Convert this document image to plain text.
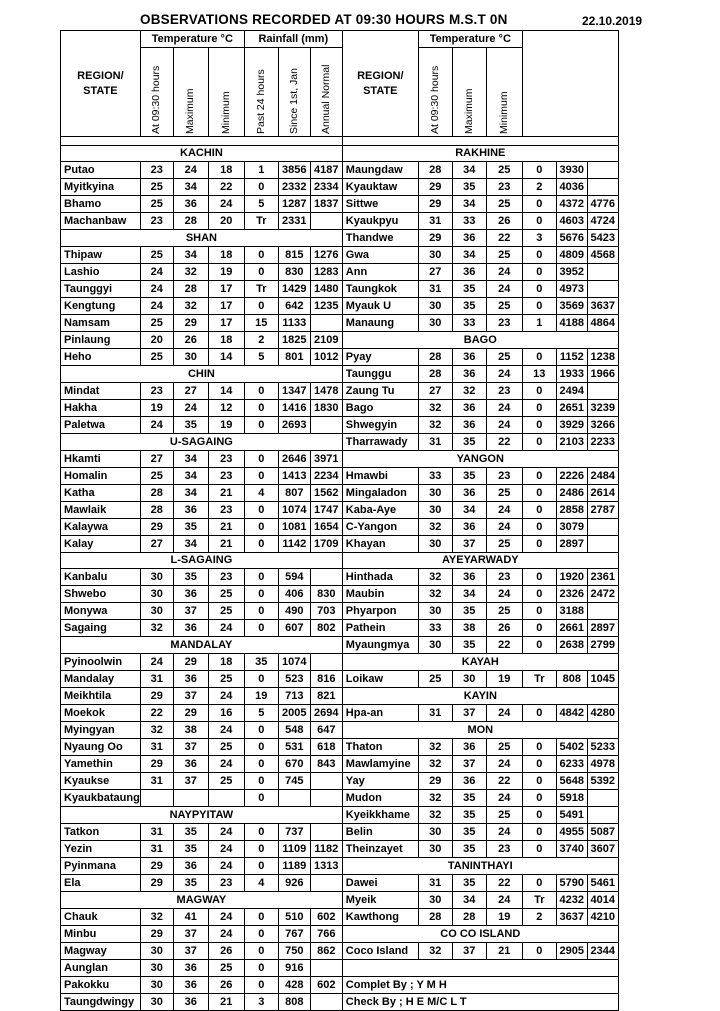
OBSERVATIONS RECORDED AT 09:30 HOURS M.S.T 0N	22.10.2019
REGION/ STATE	Temperature °C			Rainfall (mm)			REGION/ STATE	Temperature °C					

	At 09:30 hours	Maximum	Minimum	Past 24 hours	Since 1st, Jan	Annual Normal		At 09:30 hours	Maximum	Minimum			

KACHIN							RAKHINE						
Putao	23	24	18	1	3856	4187	Maungdaw	28	34	25	0	3930	
Myitkyina	25	34	22	0	2332	2334	Kyauktaw	29	35	23	2	4036	
Bhamo	25	36	24	5	1287	1837	Sittwe	29	34	25	0	4372	4776
Machanbaw	23	28	20	Tr	2331		Kyaukpyu	31	33	26	0	4603	4724
SHAN							Thandwe	29	36	22	3	5676	5423
Thipaw	25	34	18	0	815	1276	Gwa	30	34	25	0	4809	4568
Lashio	24	32	19	0	830	1283	Ann	27	36	24	0	3952	
Taunggyi	24	28	17	Tr	1429	1480	Taungkok	31	35	24	0	4973	
Kengtung	24	32	17	0	642	1235	Myauk U	30	35	25	0	3569	3637
Namsam	25	29	17	15	1133		Manaung	30	33	23	1	4188	4864
Pinlaung	20	26	18	2	1825	2109	BAGO						
Heho	25	30	14	5	801	1012	Pyay	28	36	25	0	1152	1238
CHIN							Taunggu	28	36	24	13	1933	1966
Mindat	23	27	14	0	1347	1478	Zaung Tu	27	32	23	0	2494	
Hakha	19	24	12	0	1416	1830	Bago	32	36	24	0	2651	3239
Paletwa	24	35	19	0	2693		Shwegyin	32	36	24	0	3929	3266
U-SAGAING							Tharrawady	31	35	22	0	2103	2233
Hkamti	27	34	23	0	2646	3971	YANGON						
Homalin	25	34	23	0	1413	2234	Hmawbi	33	35	23	0	2226	2484
Katha	28	34	21	4	807	1562	Mingaladon	30	36	25	0	2486	2614
Mawlaik	28	36	23	0	1074	1747	Kaba-Aye	30	34	24	0	2858	2787
Kalaywa	29	35	21	0	1081	1654	C-Yangon	32	36	24	0	3079	
Kalay	27	34	21	0	1142	1709	Khayan	30	37	25	0	2897	
L-SAGAING							AYEYARWADY						
Kanbalu	30	35	23	0	594		Hinthada	32	36	23	0	1920	2361
Shwebo	30	36	25	0	406	830	Maubin	32	34	24	0	2326	2472
Monywa	30	37	25	0	490	703	Phyarpon	30	35	25	0	3188	
Sagaing	32	36	24	0	607	802	Pathein	33	38	26	0	2661	2897
MANDALAY							Myaungmya	30	35	22	0	2638	2799
Pyinoolwin	24	29	18	35	1074		KAYAH						
Mandalay	31	36	25	0	523	816	Loikaw	25	30	19	Tr	808	1045
Meikhtila	29	37	24	19	713	821	KAYIN						
Moekok	22	29	16	5	2005	2694	Hpa-an	31	37	24	0	4842	4280
Myingyan	32	38	24	0	548	647	MON						
Nyaung Oo	31	37	25	0	531	618	Thaton	32	36	25	0	5402	5233
Yamethin	29	36	24	0	670	843	Mawlamyine	32	37	24	0	6233	4978
Kyaukse	31	37	25	0	745		Yay	29	36	22	0	5648	5392
Kyaukbataung				0			Mudon	32	35	24	0	5918	
NAYPYITAW							Kyeikkhame	32	35	25	0	5491	
Tatkon	31	35	24	0	737		Belin	30	35	24	0	4955	5087
Yezin	31	35	24	0	1109	1182	Theinzayet	30	35	23	0	3740	3607
Pyinmana	29	36	24	0	1189	1313	TANINTHAYI						
Ela	29	35	23	4	926		Dawei	31	35	22	0	5790	5461
MAGWAY							Myeik	30	34	24	Tr	4232	4014
Chauk	32	41	24	0	510	602	Kawthong	28	28	19	2	3637	4210
Minbu	29	37	24	0	767	766	CO CO ISLAND						
Magway	30	37	26	0	750	862	Coco Island	32	37	21	0	2905	2344
Aunglan	30	36	25	0	916								
Pakokku	30	36	26	0	428	602	Complet By ; Y M H						
Taungdwingy	30	36	21	3	808		Check By ; H E M/C L T						
